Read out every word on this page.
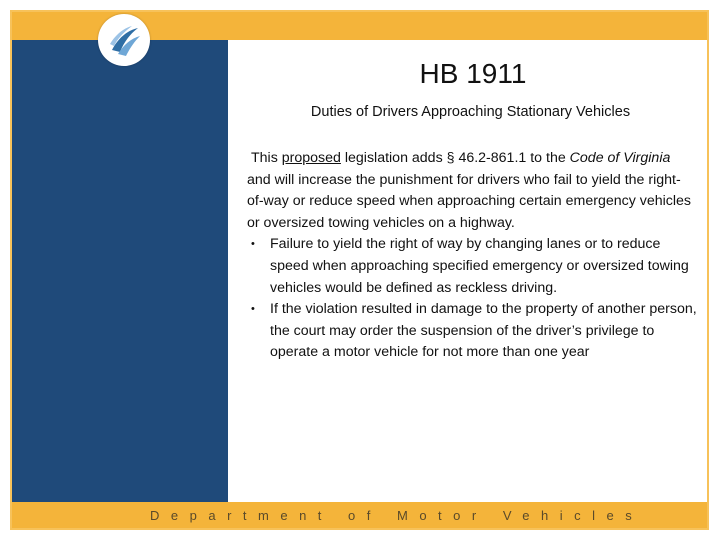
HB 1911
Duties of Drivers Approaching Stationary Vehicles

This proposed legislation adds § 46.2-861.1 to the Code of Virginia and will increase the punishment for drivers who fail to yield the right-of-way or reduce speed when approaching certain emergency vehicles or oversized towing vehicles on a highway.

• Failure to yield the right of way by changing lanes or to reduce speed when approaching specified emergency or oversized towing vehicles would be defined as reckless driving.
• If the violation resulted in damage to the property of another person, the court may order the suspension of the driver’s privilege to operate a motor vehicle for not more than one year
Department of Motor Vehicles
